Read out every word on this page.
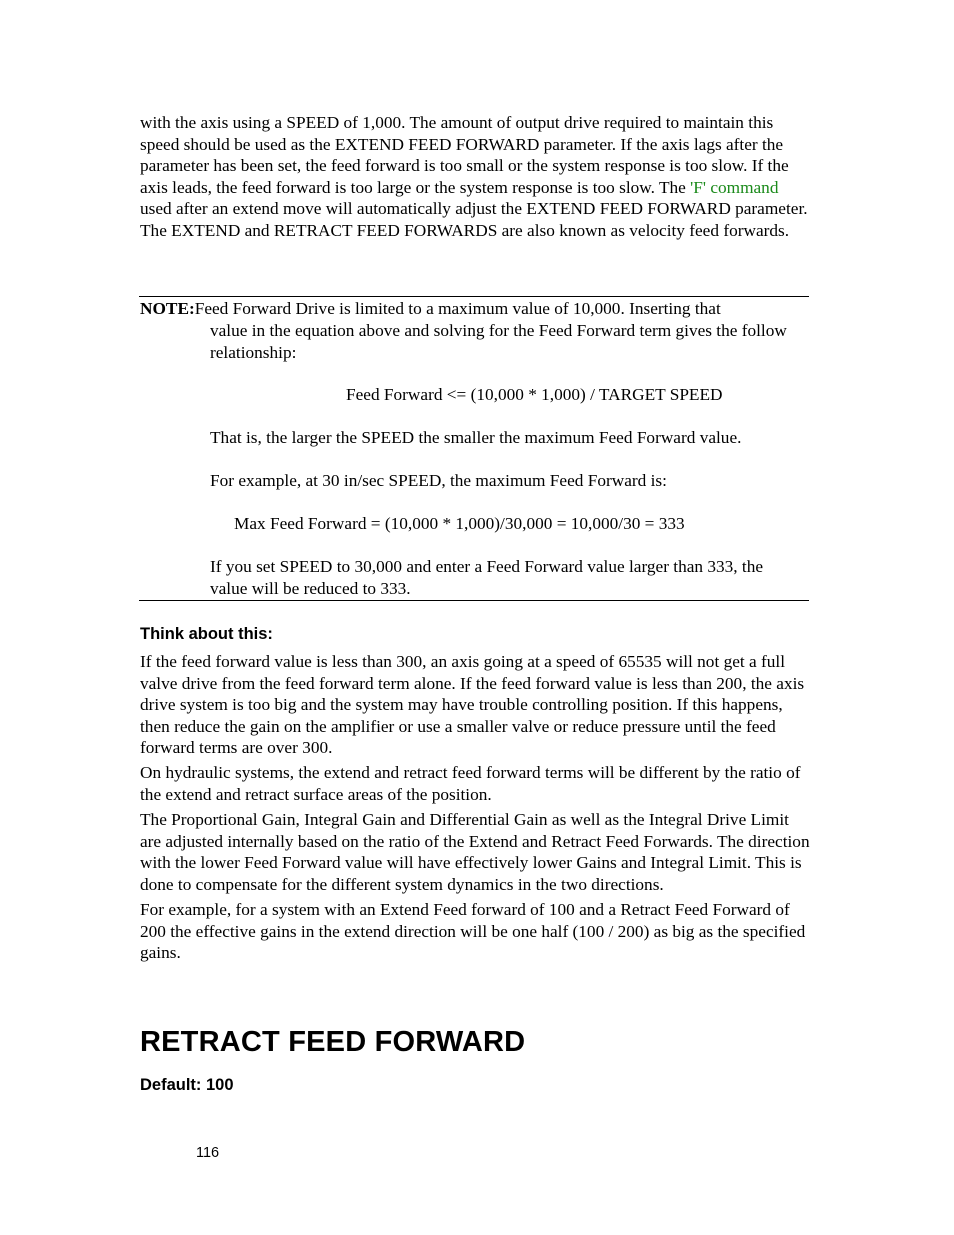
with the axis using a SPEED of 1,000. The amount of output drive required to maintain this speed should be used as the EXTEND FEED FORWARD parameter. If the axis lags after the parameter has been set, the feed forward is too small or the system response is too slow. If the axis leads, the feed forward is too large or the system response is too slow. The 'F' command used after an extend move will automatically adjust the EXTEND FEED FORWARD parameter. The EXTEND and RETRACT FEED FORWARDS are also known as velocity feed forwards.

NOTE:Feed Forward Drive is limited to a maximum value of 10,000. Inserting that
value in the equation above and solving for the Feed Forward term gives the follow relationship:
Feed Forward <= (10,000 * 1,000) / TARGET SPEED
That is, the larger the SPEED the smaller the maximum Feed Forward value.
For example, at 30 in/sec SPEED, the maximum Feed Forward is:
Max Feed Forward = (10,000 * 1,000)/30,000 = 10,000/30 = 333
If you set SPEED to 30,000 and enter a Feed Forward value larger than 333, the value will be reduced to 333.
Think about this:

If the feed forward value is less than 300, an axis going at a speed of 65535 will not get a full valve drive from the feed forward term alone. If the feed forward value is less than 200, the axis drive system is too big and the system may have trouble controlling position. If this happens, then reduce the gain on the amplifier or use a smaller valve or reduce pressure until the feed forward terms are over 300.

On hydraulic systems, the extend and retract feed forward terms will be different by the ratio of the extend and retract surface areas of the position.

The Proportional Gain, Integral Gain and Differential Gain as well as the Integral Drive Limit are adjusted internally based on the ratio of the Extend and Retract Feed Forwards. The direction with the lower Feed Forward value will have effectively lower Gains and Integral Limit. This is done to compensate for the different system dynamics in the two directions.

For example, for a system with an Extend Feed forward of 100 and a Retract Feed Forward of 200 the effective gains in the extend direction will be one half (100 / 200) as big as the specified gains.

RETRACT FEED FORWARD
Default: 100
116
